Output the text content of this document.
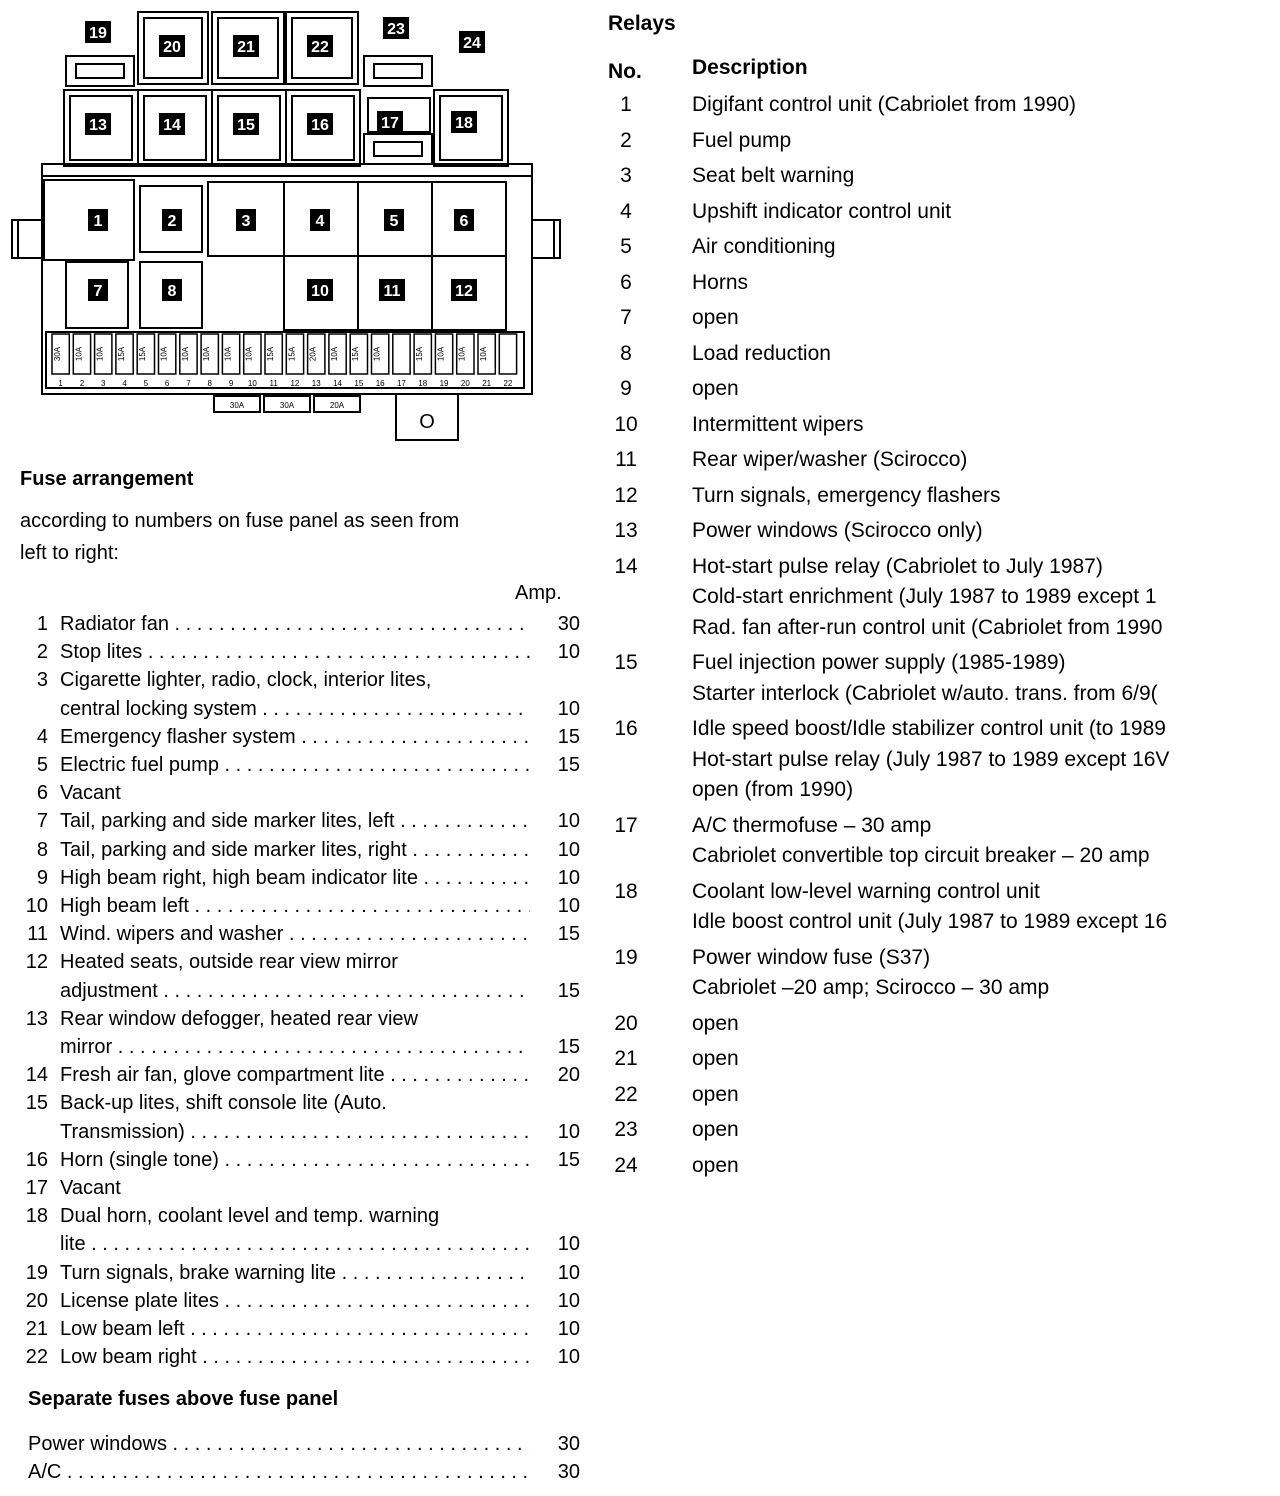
1 2 3 4 5 6 7 8 9 10 11 12 13 14 15 16 17 18 19 20 21 22
30A 10A 10A 15A 15A 10A 10A 10A 10A 10A 15A 15A 20A 10A 15A 10A	15A 10A 10A 10A
30A	30A	20A
O
1	2	3	4	5	6
7	8	10	11	12
13	14	15	16	17	18
19
20	21	22
23
24
Fuse arrangement
according to numbers on fuse panel as seen from
left to right:
Amp.
1 Radiator fan . . .	30
2 Stop lites . . .	10
3 Cigarette lighter, radio, clock, interior lites,
central locking system . . .	10
4 Emergency flasher system . . .	15
5 Electric fuel pump . . .	15
6 Vacant
7 Tail, parking and side marker lites, left . . .	10
8 Tail, parking and side marker lites, right . . .	10
9 High beam right, high beam indicator lite . . .	10
10 High beam left . . .	10
11 Wind. wipers and washer . . .	15
12 Heated seats, outside rear view mirror
adjustment . . .	15
13 Rear window defogger, heated rear view
mirror . . .	15
14 Fresh air fan, glove compartment lite . . .	20
15 Back-up lites, shift console lite (Auto.
Transmission) . . .	10
16 Horn (single tone) . . .	15
17 Vacant
18 Dual horn, coolant level and temp. warning
lite . . .	10
19 Turn signals, brake warning lite . . .	10
20 License plate lites . . .	10
21 Low beam left . . .	10
22 Low beam right . . .	10
Separate fuses above fuse panel
Power windows . . .	30
A/C . . .	30
Relays
No. Description
1	Digifant control unit (Cabriolet from 1990)
2	Fuel pump
3	Seat belt warning
4	Upshift indicator control unit
5	Air conditioning
6	Horns
7	open
8	Load reduction
9	open
10	Intermittent wipers
11	Rear wiper/washer (Scirocco)
12	Turn signals, emergency flashers
13	Power windows (Scirocco only)
14	Hot-start pulse relay (Cabriolet to July 1987)
Cold-start enrichment (July 1987 to 1989 except 1
Rad. fan after-run control unit (Cabriolet from 1990
15	Fuel injection power supply (1985-1989)
Starter interlock (Cabriolet w/auto. trans. from 6/9(
16	Idle speed boost/Idle stabilizer control unit (to 1989
Hot-start pulse relay (July 1987 to 1989 except 16V
open (from 1990)
17	A/C thermofuse – 30 amp
Cabriolet convertible top circuit breaker – 20 amp
18	Coolant low-level warning control unit
Idle boost control unit (July 1987 to 1989 except 16
19	Power window fuse (S37)
Cabriolet –20 amp; Scirocco – 30 amp
20	open
21	open
22	open
23	open
24	open
